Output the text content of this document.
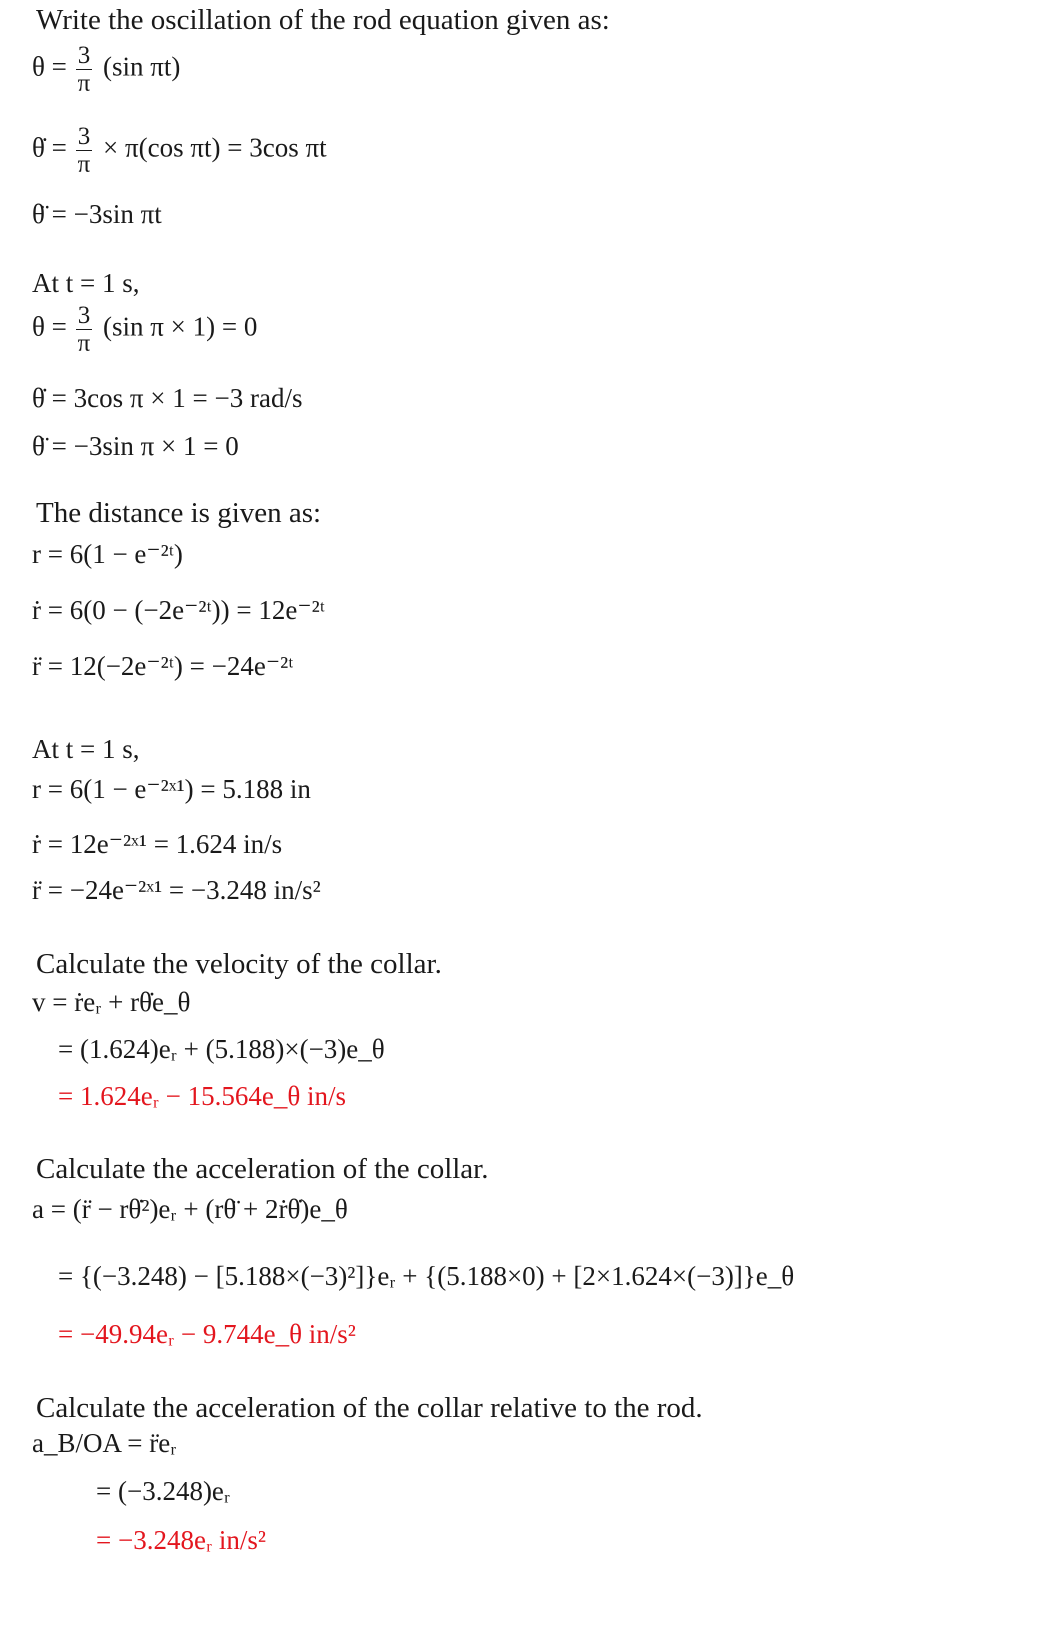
Write the oscillation of the rod equation given as:
$\theta = \frac{3}{\pi} (\sin$ πt)
θ̇ = $\frac{3}{\pi} \times \pi(\cos$ πt) = 3cos πt
θ̈ = −3sin πt
At t = 1 s,
$\theta = \frac{3}{\pi} (\sin$ π × 1) = 0
θ̇ = 3cos π × 1 = −3 rad/s
θ̈ = −3sin π × 1 = 0
The distance is given as:
r = 6(1 − e⁻²ᵗ)
ṙ = 6(0 − (−2e⁻²ᵗ)) = 12e⁻²ᵗ
r̈ = 12(−2e⁻²ᵗ) = −24e⁻²ᵗ
At t = 1 s,
r = 6(1 − e⁻²ˣ¹) = 5.188 in
ṙ = 12e⁻²ˣ¹ = 1.624 in/s
r̈ = −24e⁻²ˣ¹ = −3.248 in/s²
Calculate the velocity of the collar.
v = ṙeᵣ + rθ̇e_θ
= (1.624)eᵣ + (5.188)×(−3)e_θ
= 1.624eᵣ − 15.564e_θ in/s
Calculate the acceleration of the collar.
a = (r̈ − rθ̇²)eᵣ + (rθ̈ + 2ṙθ̇)e_θ
= {(−3.248) − [5.188×(−3)²]}eᵣ + {(5.188×0) + [2×1.624×(−3)]}e_θ
= −49.94eᵣ − 9.744e_θ in/s²
Calculate the acceleration of the collar relative to the rod.
a_B/OA = r̈eᵣ
= (−3.248)eᵣ
= −3.248eᵣ in/s²
